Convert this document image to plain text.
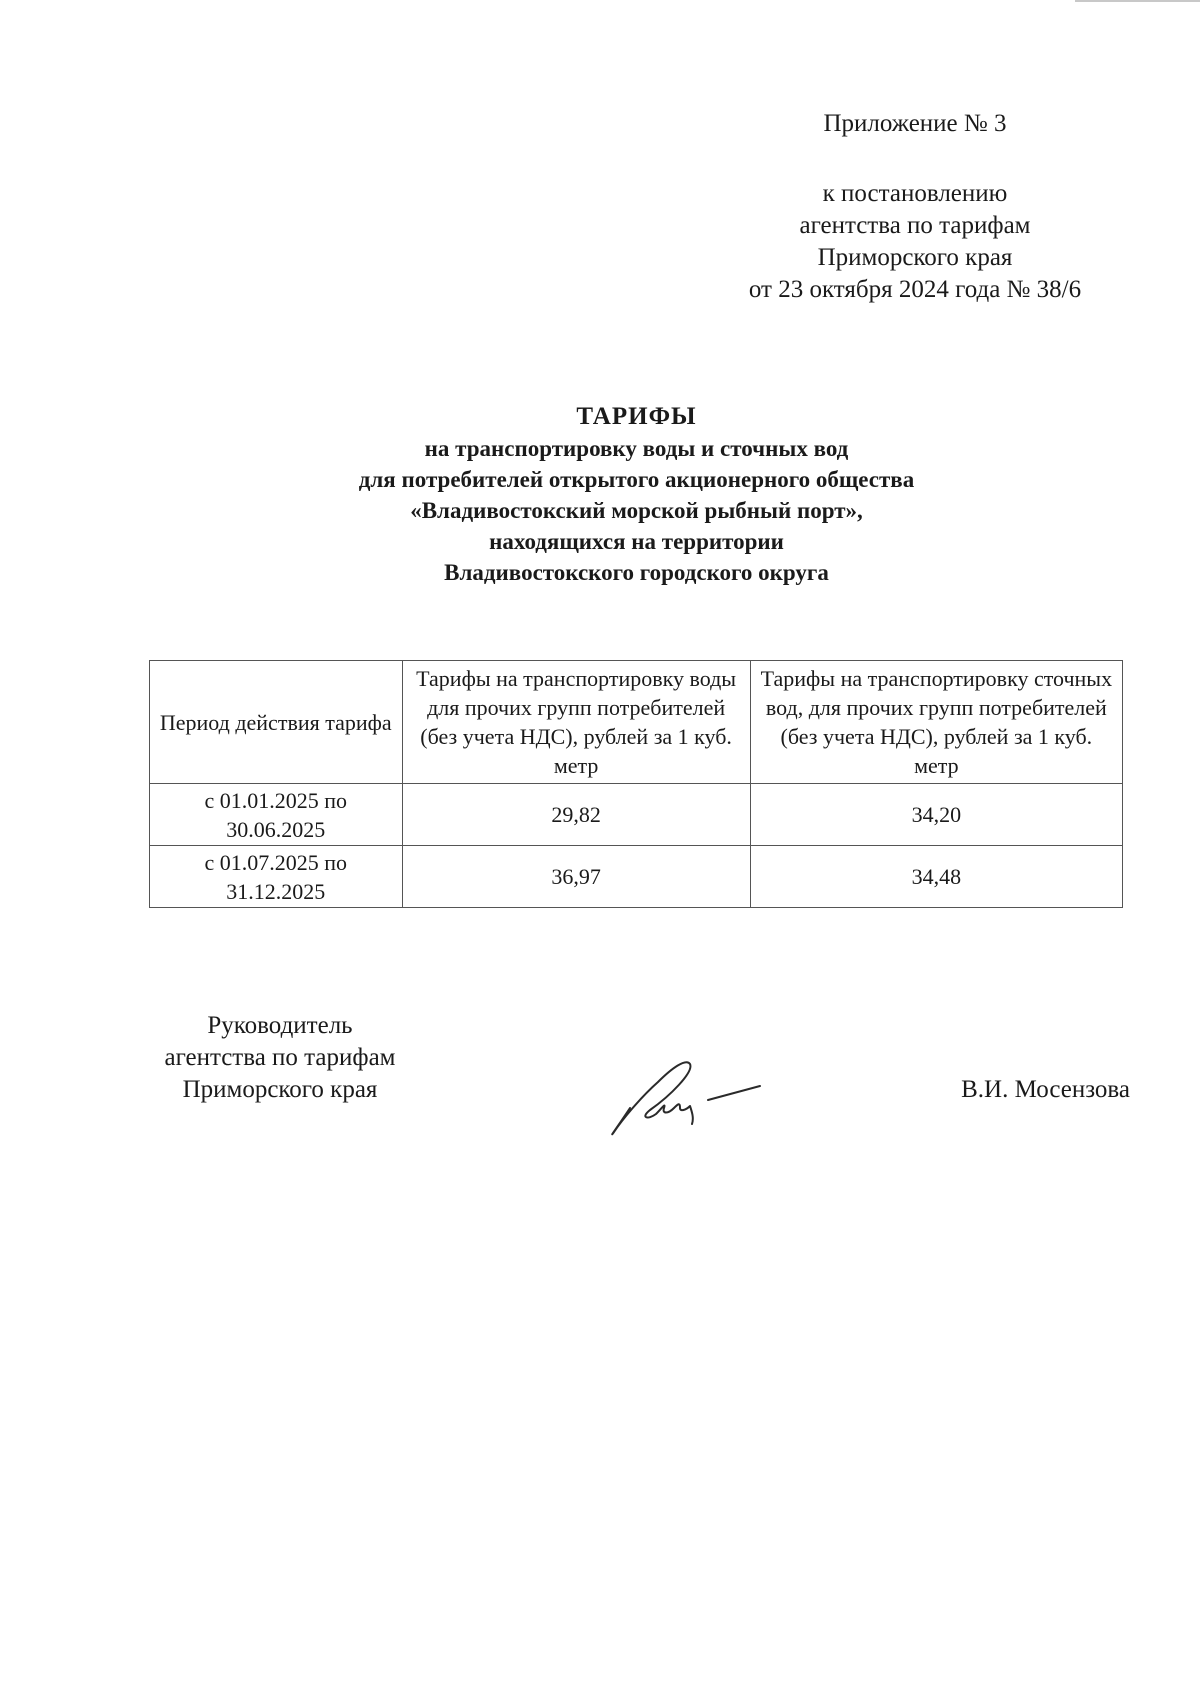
Приложение № 3
к постановлению
агентства по тарифам
Приморского края
от 23 октября 2024 года № 38/6
ТАРИФЫ
на транспортировку воды и сточных вод
для потребителей открытого акционерного общества
«Владивостокский морской рыбный порт»,
находящихся на территории
Владивостокского городского округа
Период действия тарифа	Тарифы на транспортировку воды для прочих групп потребителей (без учета НДС), рублей за 1 куб. метр	Тарифы на транспортировку сточных вод, для прочих групп потребителей (без учета НДС), рублей за 1 куб. метр
с 01.01.2025 по 30.06.2025	29,82	34,20
с 01.07.2025 по 31.12.2025	36,97	34,48
Руководитель
агентства по тарифам
Приморского края	В.И. Мосензова
